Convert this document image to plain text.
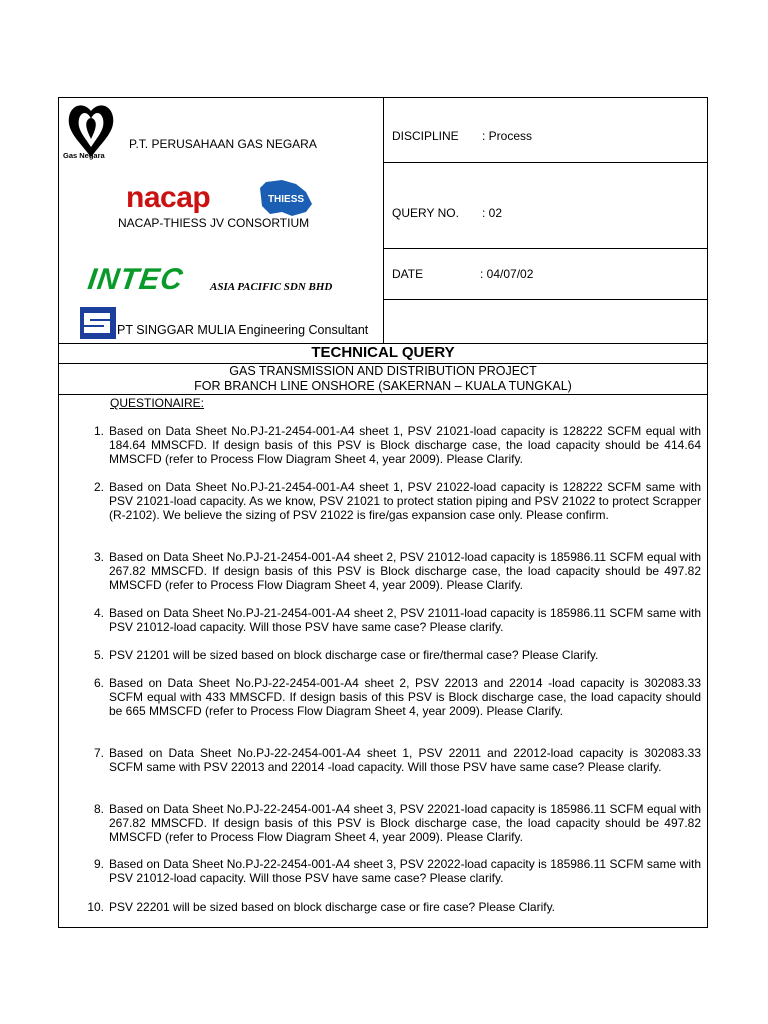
Gas Negara
P.T. PERUSAHAAN GAS NEGARA
nacap	THIESS
NACAP-THIESS JV CONSORTIUM
INTEC ASIA PACIFIC SDN BHD
PT SINGGAR MULIA Engineering Consultant
DISCIPLINE : Process
QUERY NO. : 02
DATE	: 04/07/02
TECHNICAL QUERY
GAS TRANSMISSION AND DISTRIBUTION PROJECT
FOR BRANCH LINE ONSHORE (SAKERNAN – KUALA TUNGKAL)
QUESTIONAIRE:
1. Based on Data Sheet No.PJ-21-2454-001-A4 sheet 1, PSV 21021-load capacity is 128222 SCFM equal with 184.64 MMSCFD. If design basis of this PSV is Block discharge case, the load capacity should be 414.64 MMSCFD (refer to Process Flow Diagram Sheet 4, year 2009). Please Clarify.
2. Based on Data Sheet No.PJ-21-2454-001-A4 sheet 1, PSV 21022-load capacity is 128222 SCFM same with PSV 21021-load capacity. As we know, PSV 21021 to protect station piping and PSV 21022 to protect Scrapper (R-2102). We believe the sizing of PSV 21022 is fire/gas expansion case only. Please confirm.
3. Based on Data Sheet No.PJ-21-2454-001-A4 sheet 2, PSV 21012-load capacity is 185986.11 SCFM equal with 267.82 MMSCFD. If design basis of this PSV is Block discharge case, the load capacity should be 497.82 MMSCFD (refer to Process Flow Diagram Sheet 4, year 2009). Please Clarify.
4. Based on Data Sheet No.PJ-21-2454-001-A4 sheet 2, PSV 21011-load capacity is 185986.11 SCFM same with PSV 21012-load capacity. Will those PSV have same case? Please clarify.
5. PSV 21201 will be sized based on block discharge case or fire/thermal case? Please Clarify.
6. Based on Data Sheet No.PJ-22-2454-001-A4 sheet 2, PSV 22013 and 22014 -load capacity is 302083.33 SCFM equal with 433 MMSCFD. If design basis of this PSV is Block discharge case, the load capacity should be 665 MMSCFD (refer to Process Flow Diagram Sheet 4, year 2009). Please Clarify.
7. Based on Data Sheet No.PJ-22-2454-001-A4 sheet 1, PSV 22011 and 22012-load capacity is 302083.33 SCFM same with PSV 22013 and 22014 -load capacity. Will those PSV have same case? Please clarify.
8. Based on Data Sheet No.PJ-22-2454-001-A4 sheet 3, PSV 22021-load capacity is 185986.11 SCFM equal with 267.82 MMSCFD. If design basis of this PSV is Block discharge case, the load capacity should be 497.82 MMSCFD (refer to Process Flow Diagram Sheet 4, year 2009). Please Clarify.
9. Based on Data Sheet No.PJ-22-2454-001-A4 sheet 3, PSV 22022-load capacity is 185986.11 SCFM same with PSV 21012-load capacity. Will those PSV have same case? Please clarify.
10. PSV 22201 will be sized based on block discharge case or fire case? Please Clarify.
